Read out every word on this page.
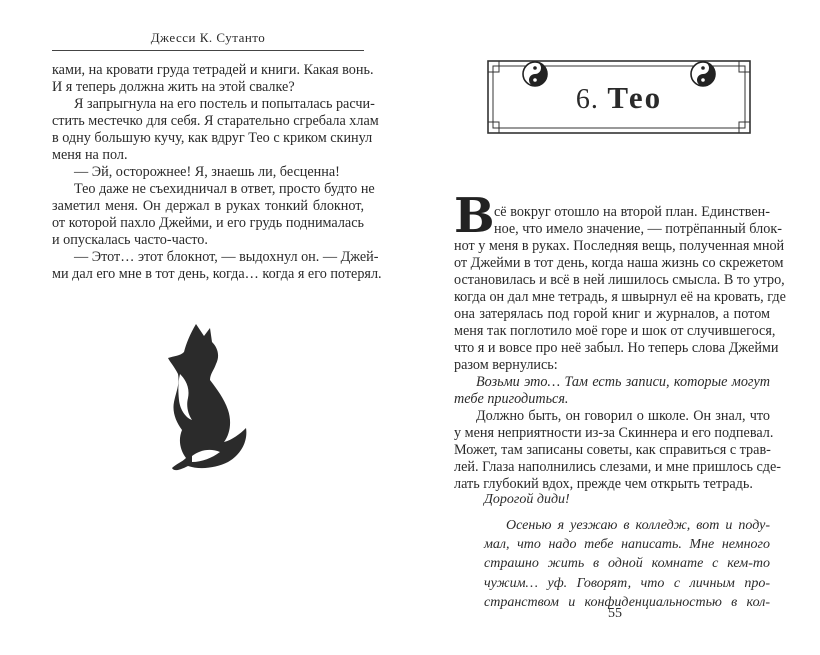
Джесси К. Сутанто
ками, на кровати груда тетрадей и книги. Какая вонь.
И я теперь должна жить на этой свалке?
Я запрыгнула на его постель и попыталась расчи-
стить местечко для себя. Я старательно сгребала хлам
в одну большую кучу, как вдруг Тео с криком скинул
меня на пол.
— Эй, осторожнее! Я, знаешь ли, бесценна!
Тео даже не съехидничал в ответ, просто будто не
заметил меня. Он держал в руках тонкий блокнот,
от которой пахло Джейми, и его грудь поднималась
и опускалась часто-часто.
— Этот… этот блокнот, — выдохнул он. — Джей-
ми дал его мне в тот день, когда… когда я его потерял.
6. Тео
В сё вокруг отошло на второй план. Единствен-
ное, что имело значение, — потрёпанный блок-
нот у меня в руках. Последняя вещь, полученная мной
от Джейми в тот день, когда наша жизнь со скрежетом
остановилась и всё в ней лишилось смысла. В то утро,
когда он дал мне тетрадь, я швырнул её на кровать, где
она затерялась под горой книг и журналов, а потом
меня так поглотило моё горе и шок от случившегося,
что я и вовсе про неё забыл. Но теперь слова Джейми
разом вернулись:
Возьми это… Там есть записи, которые могут
тебе пригодиться.
Должно быть, он говорил о школе. Он знал, что
у меня неприятности из-за Скиннера и его подпевал.
Может, там записаны советы, как справиться с трав-
лей. Глаза наполнились слезами, и мне пришлось сде-
лать глубокий вдох, прежде чем открыть тетрадь.
Дорогой диди!
Осенью я уезжаю в колледж, вот и поду-
мал, что надо тебе написать. Мне немного
страшно жить в одной комнате с кем-то
чужим… уф. Говорят, что с личным про-
странством и конфиденциальностью в кол-
55
